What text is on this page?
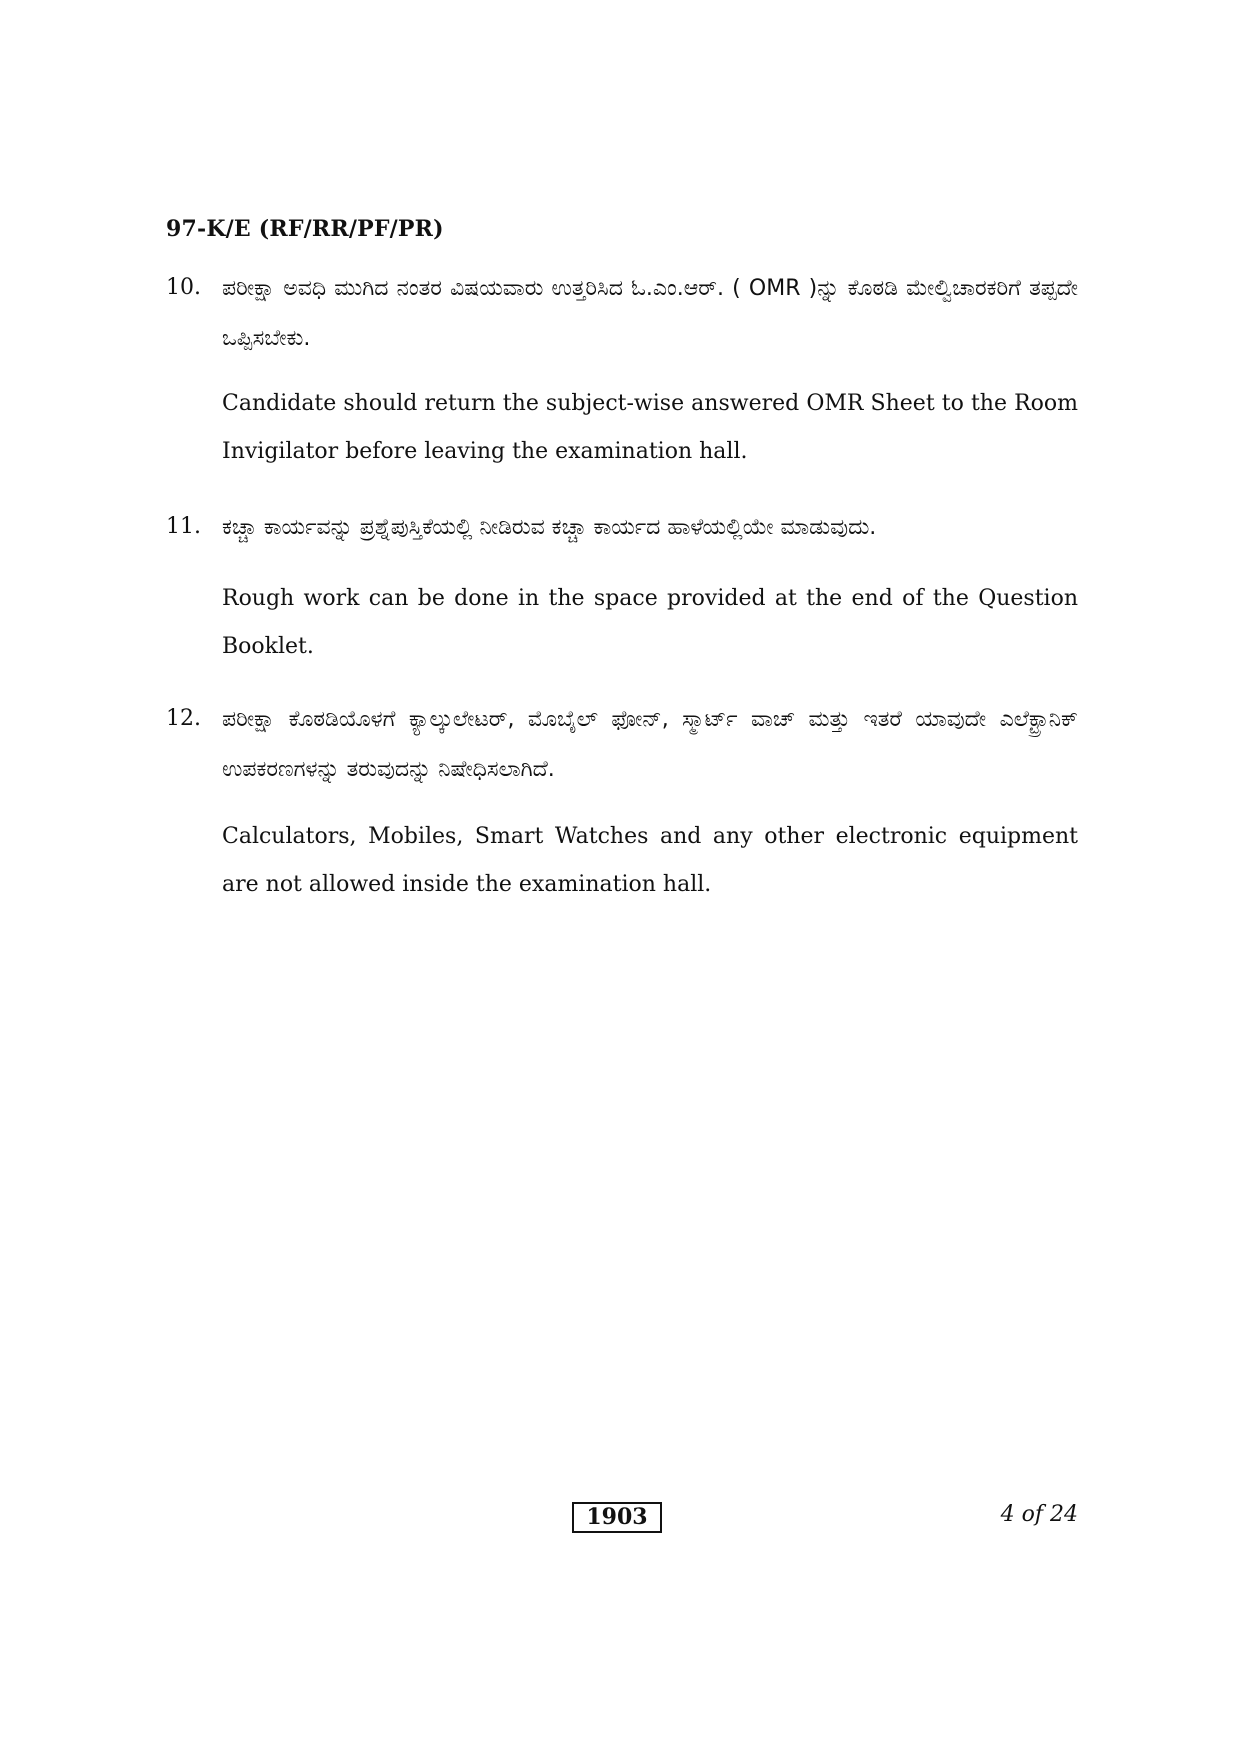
97-K/E (RF/RR/PF/PR)
10. ಪರೀಕ್ಷಾ ಅವಧಿ ಮುಗಿದ ನಂತರ ವಿಷಯವಾರು ಉತ್ತರಿಸಿದ ಓ.ಎಂ.ಆರ್. ( OMR )ನ್ನು ಕೊಠಡಿ ಮೇಲ್ವಿಚಾರಕರಿಗೆ ತಪ್ಪದೇ ಒಪ್ಪಿಸಬೇಕು.
Candidate should return the subject-wise answered OMR Sheet to the Room Invigilator before leaving the examination hall.
11. ಕಚ್ಚಾ ಕಾರ್ಯವನ್ನು ಪ್ರಶ್ನೆಪುಸ್ತಿಕೆಯಲ್ಲಿ ನೀಡಿರುವ ಕಚ್ಚಾ ಕಾರ್ಯದ ಹಾಳೆಯಲ್ಲಿಯೇ ಮಾಡುವುದು.
Rough work can be done in the space provided at the end of the Question Booklet.
12. ಪರೀಕ್ಷಾ ಕೊಠಡಿಯೊಳಗೆ ಕ್ಯಾಲ್ಕುಲೇಟರ್, ಮೊಬೈಲ್ ಫೋನ್, ಸ್ಮಾರ್ಟ್ ವಾಚ್ ಮತ್ತು ಇತರೆ ಯಾವುದೇ ಎಲೆಕ್ಟ್ರಾನಿಕ್ ಉಪಕರಣಗಳನ್ನು ತರುವುದನ್ನು ನಿಷೇಧಿಸಲಾಗಿದೆ.
Calculators, Mobiles, Smart Watches and any other electronic equipment are not allowed inside the examination hall.
1903	4 of 24
